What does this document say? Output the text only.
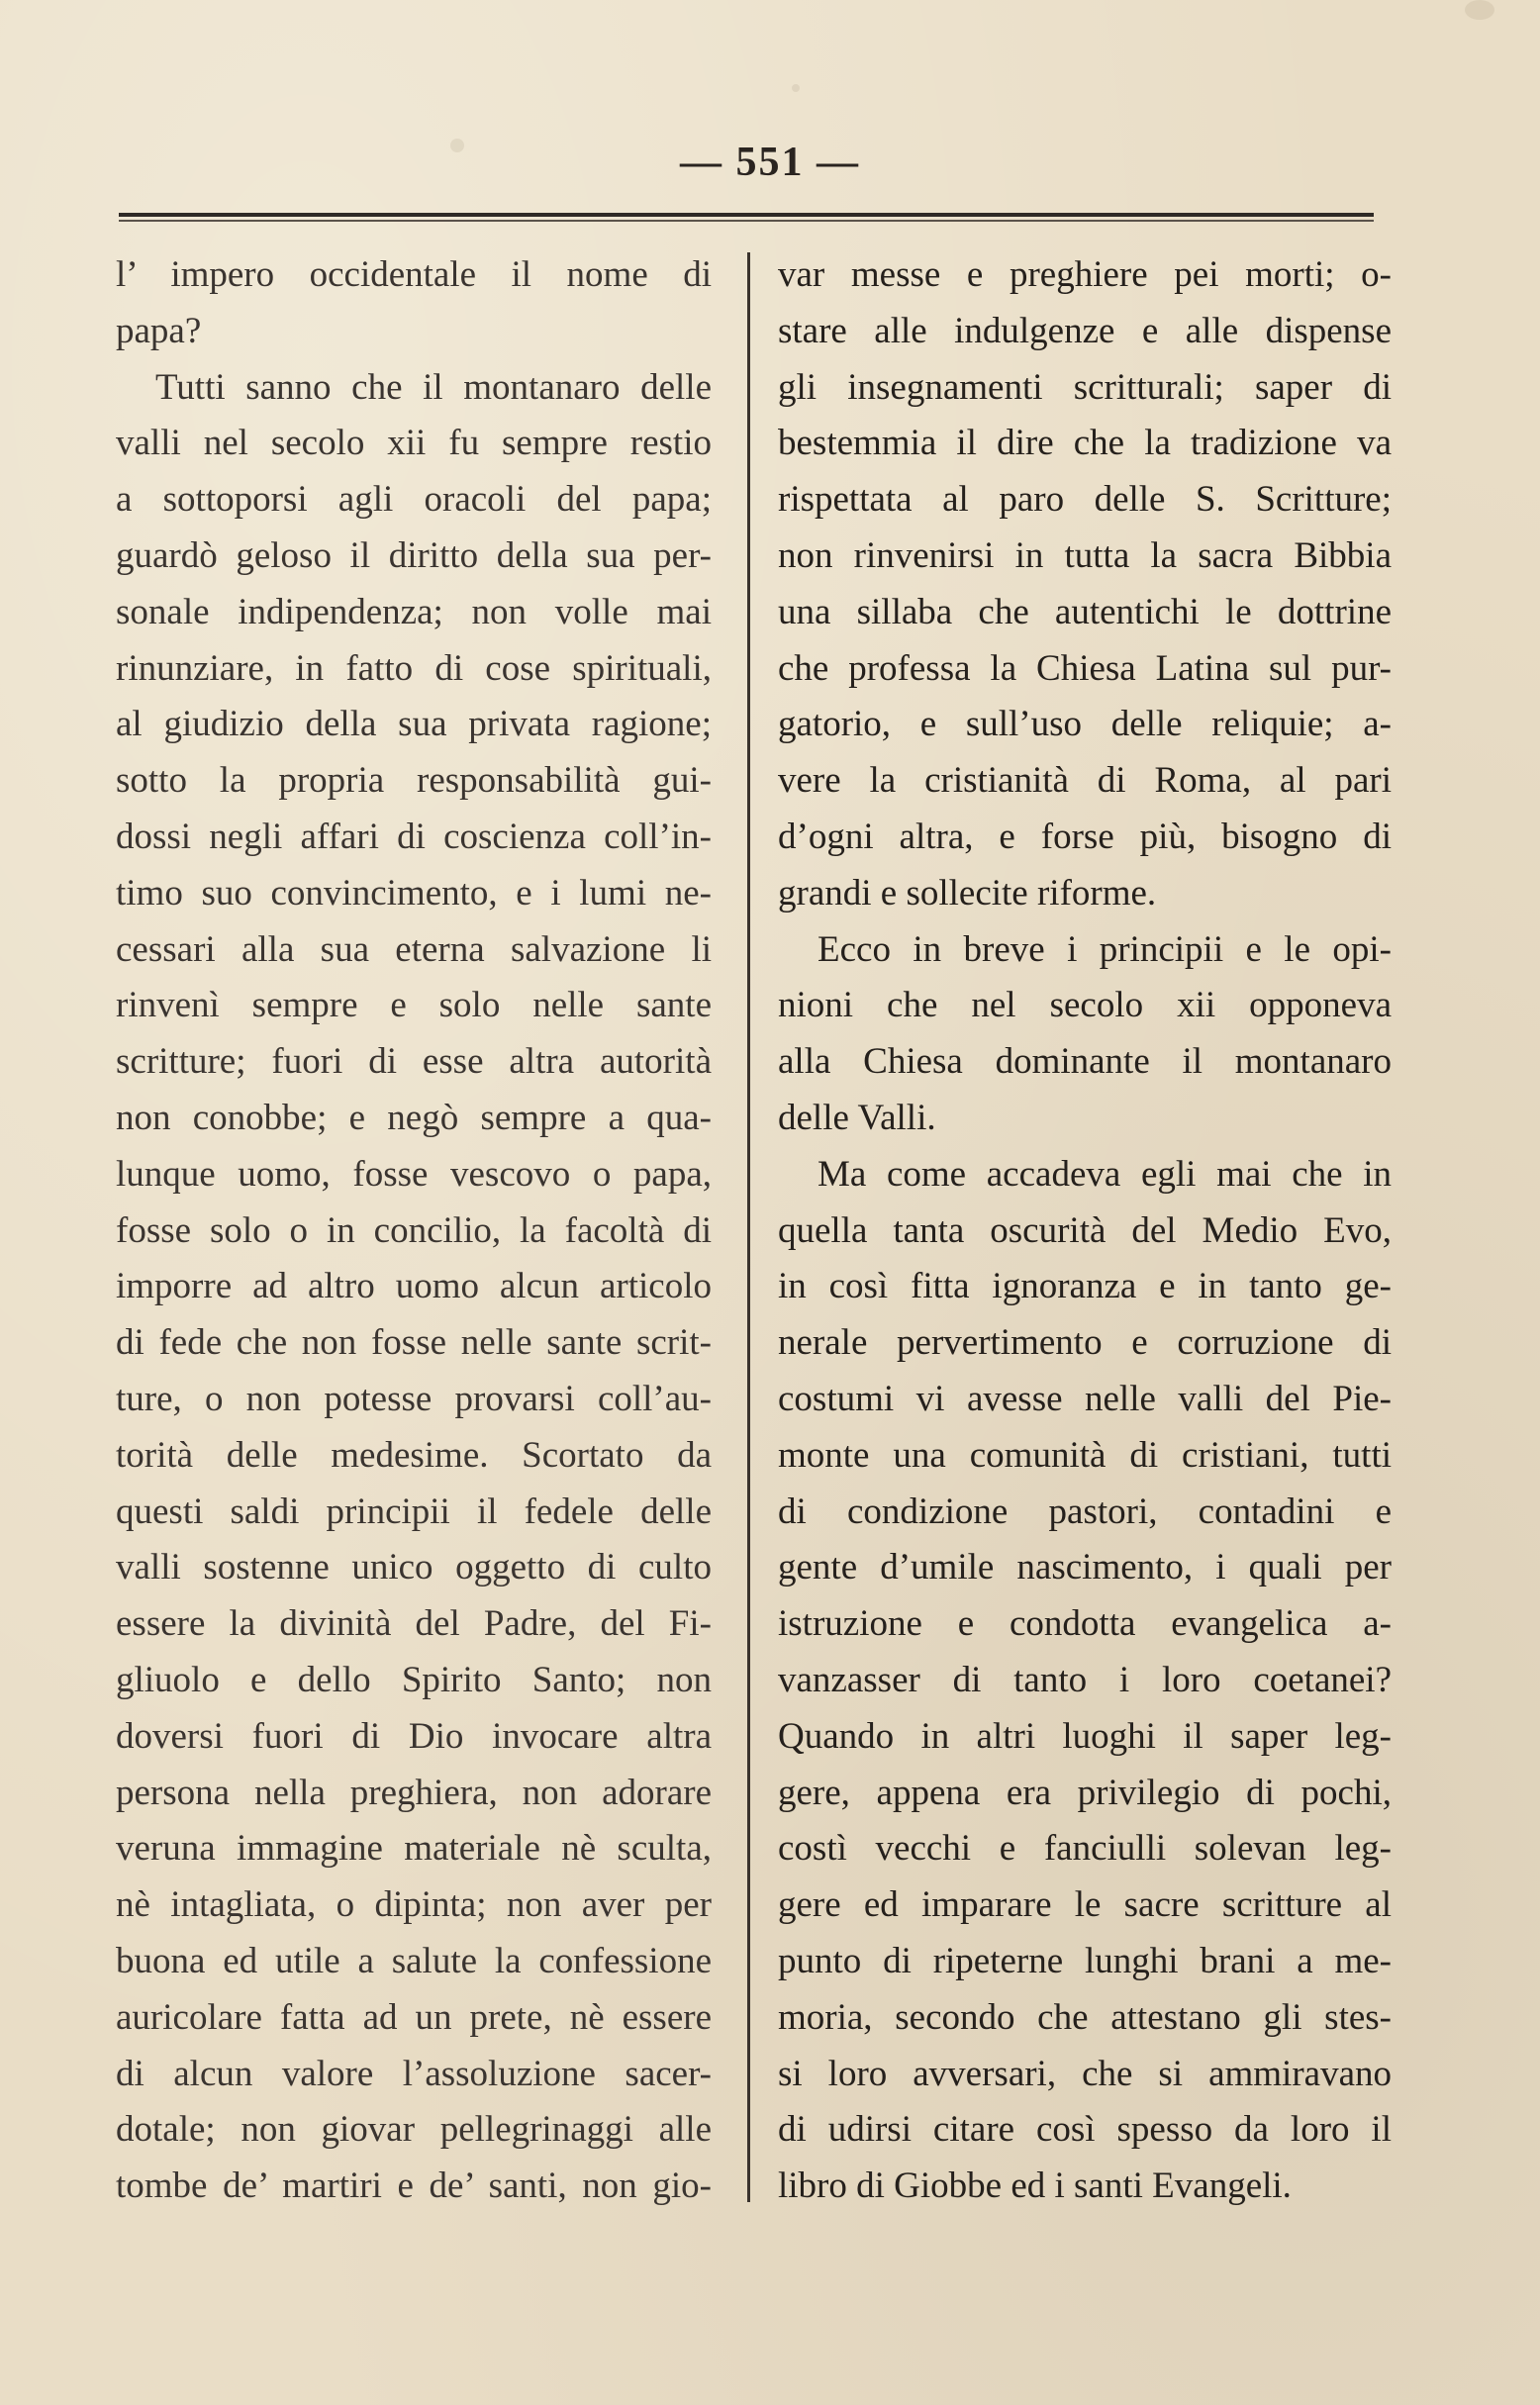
— 551 —
l’ impero occidentale il nome di
papa?
Tutti sanno che il montanaro delle
valli nel secolo xii fu sempre restio
a sottoporsi agli oracoli del papa;
guardò geloso il diritto della sua per-
sonale indipendenza; non volle mai
rinunziare, in fatto di cose spirituali,
al giudizio della sua privata ragione;
sotto la propria responsabilità gui-
dossi negli affari di coscienza coll’in-
timo suo convincimento, e i lumi ne-
cessari alla sua eterna salvazione li
rinvenì sempre e solo nelle sante
scritture; fuori di esse altra autorità
non conobbe; e negò sempre a qua-
lunque uomo, fosse vescovo o papa,
fosse solo o in concilio, la facoltà di
imporre ad altro uomo alcun articolo
di fede che non fosse nelle sante scrit-
ture, o non potesse provarsi coll’au-
torità delle medesime. Scortato da
questi saldi principii il fedele delle
valli sostenne unico oggetto di culto
essere la divinità del Padre, del Fi-
gliuolo e dello Spirito Santo; non
doversi fuori di Dio invocare altra
persona nella preghiera, non adorare
veruna immagine materiale nè sculta,
nè intagliata, o dipinta; non aver per
buona ed utile a salute la confessione
auricolare fatta ad un prete, nè essere
di alcun valore l’assoluzione sacer-
dotale; non giovar pellegrinaggi alle
tombe de’ martiri e de’ santi, non gio-
var messe e preghiere pei morti; o-
stare alle indulgenze e alle dispense
gli insegnamenti scritturali; saper di
bestemmia il dire che la tradizione va
rispettata al paro delle S. Scritture;
non rinvenirsi in tutta la sacra Bibbia
una sillaba che autentichi le dottrine
che professa la Chiesa Latina sul pur-
gatorio, e sull’uso delle reliquie; a-
vere la cristianità di Roma, al pari
d’ogni altra, e forse più, bisogno di
grandi e sollecite riforme.
Ecco in breve i principii e le opi-
nioni che nel secolo xii opponeva
alla Chiesa dominante il montanaro
delle Valli.
Ma come accadeva egli mai che in
quella tanta oscurità del Medio Evo,
in così fitta ignoranza e in tanto ge-
nerale pervertimento e corruzione di
costumi vi avesse nelle valli del Pie-
monte una comunità di cristiani, tutti
di condizione pastori, contadini e
gente d’umile nascimento, i quali per
istruzione e condotta evangelica a-
vanzasser di tanto i loro coetanei?
Quando in altri luoghi il saper leg-
gere, appena era privilegio di pochi,
costì vecchi e fanciulli solevan leg-
gere ed imparare le sacre scritture al
punto di ripeterne lunghi brani a me-
moria, secondo che attestano gli stes-
si loro avversari, che si ammiravano
di udirsi citare così spesso da loro il
libro di Giobbe ed i santi Evangeli.
